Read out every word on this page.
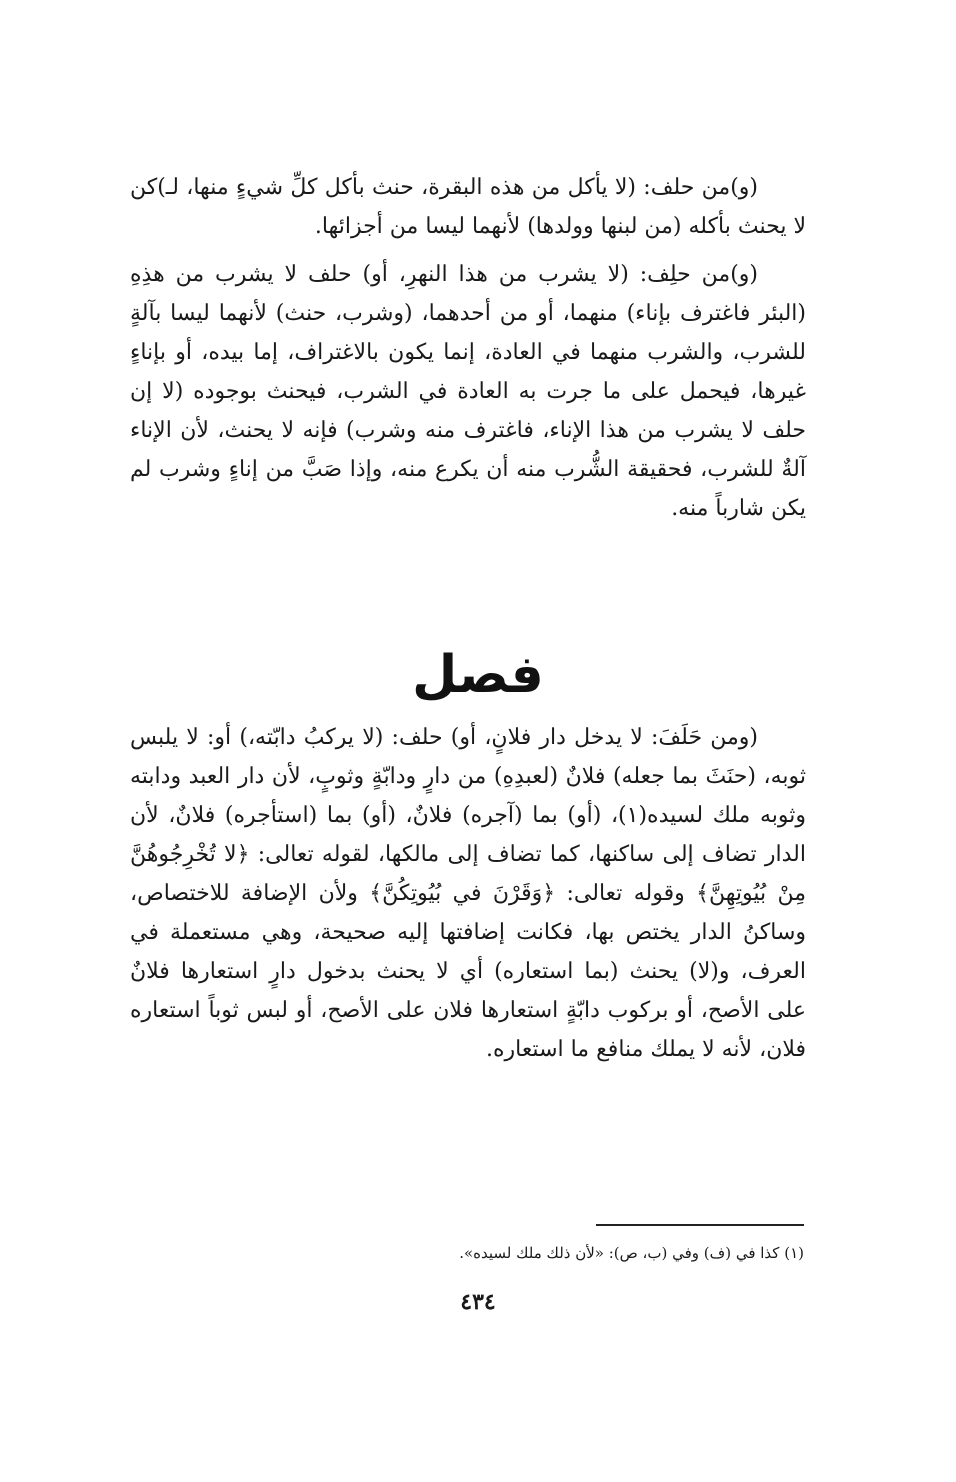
(و)من حلف: (لا يأكل من هذه البقرة، حنث بأكل كلِّ شيءٍ منها، لـ)كن لا يحنث بأكله (من لبنها وولدها) لأنهما ليسا من أجزائها.

(و)من حلِف: (لا يشرب من هذا النهرِ، أو) حلف لا يشرب من هذِهِ (البئر فاغترف بإناء) منهما، أو من أحدهما، (وشرب، حنث) لأنهما ليسا بآلةٍ للشرب، والشرب منهما في العادة، إنما يكون بالاغتراف، إما بيده، أو بإناءٍ غيرها، فيحمل على ما جرت به العادة في الشرب، فيحنث بوجوده (لا إن حلف لا يشرب من هذا الإناء، فاغترف منه وشرب) فإنه لا يحنث، لأن الإناء آلةٌ للشرب، فحقيقة الشُّرب منه أن يكرع منه، وإذا صَبَّ من إناءٍ وشرب لم يكن شارباً منه.

فصل

(ومن حَلَفَ: لا يدخل دار فلانٍ، أو) حلف: (لا يركبُ دابّته،) أو: لا يلبس ثوبه، (حنَثَ بما جعله) فلانٌ (لعبدِهِ) من دارٍ ودابّةٍ وثوبٍ، لأن دار العبد ودابته وثوبه ملك لسيده(١)، (أو) بما (آجره) فلانٌ، (أو) بما (استأجره) فلانٌ، لأن الدار تضاف إلى ساكنها، كما تضاف إلى مالكها، لقوله تعالى: ﴿لا تُخْرِجُوهُنَّ مِنْ بُيُوتِهِنَّ﴾ وقوله تعالى: ﴿وَقَرْنَ في بُيُوتِكُنَّ﴾ ولأن الإضافة للاختصاص، وساكنُ الدار يختص بها، فكانت إضافتها إليه صحيحة، وهي مستعملة في العرف، و(لا) يحنث (بما استعاره) أي لا يحنث بدخول دارٍ استعارها فلانٌ على الأصح، أو بركوب دابّةٍ استعارها فلان على الأصح، أو لبس ثوباً استعاره فلان، لأنه لا يملك منافع ما استعاره.

(١) كذا في (ف) وفي (ب، ص): «لأن ذلك ملك لسيده».
٤٣٤
